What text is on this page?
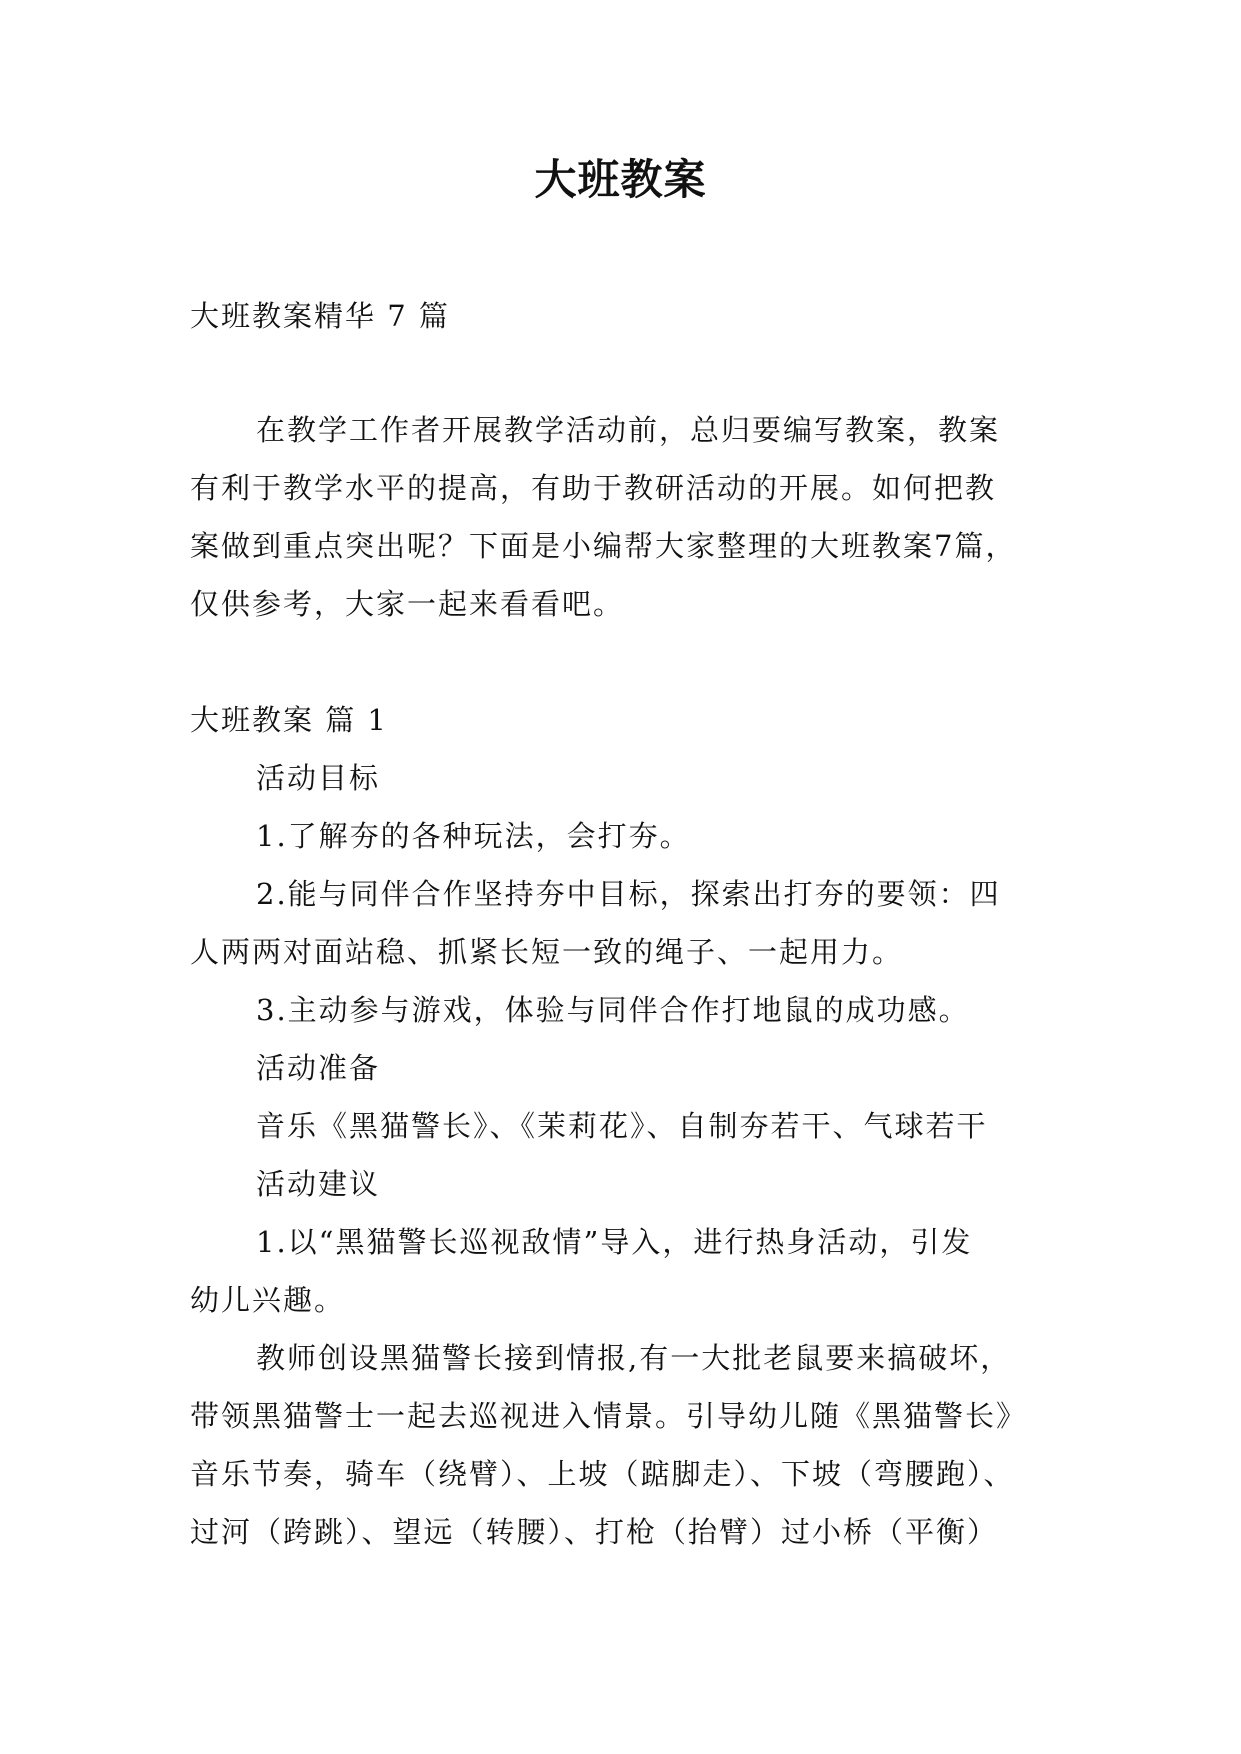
大班教案
大班教案精华 7 篇
在教学工作者开展教学活动前，总归要编写教案，教案
有利于教学水平的提高，有助于教研活动的开展。如何把教
案做到重点突出呢？下面是小编帮大家整理的大班教案7篇，
仅供参考，大家一起来看看吧。
大班教案 篇 1
活动目标
1.了解夯的各种玩法，会打夯。
2.能与同伴合作坚持夯中目标，探索出打夯的要领：四
人两两对面站稳、抓紧长短一致的绳子、一起用力。
3.主动参与游戏，体验与同伴合作打地鼠的成功感。
活动准备
音乐《黑猫警长》、《茉莉花》、自制夯若干、气球若干
活动建议
1.以“黑猫警长巡视敌情”导入，进行热身活动，引发
幼儿兴趣。
教师创设黑猫警长接到情报,有一大批老鼠要来搞破坏，
带领黑猫警士一起去巡视进入情景。引导幼儿随《黑猫警长》
音乐节奏，骑车（绕臂）、上坡（踮脚走）、下坡（弯腰跑）、
过河（跨跳）、望远（转腰）、打枪（抬臂）过小桥（平衡）
